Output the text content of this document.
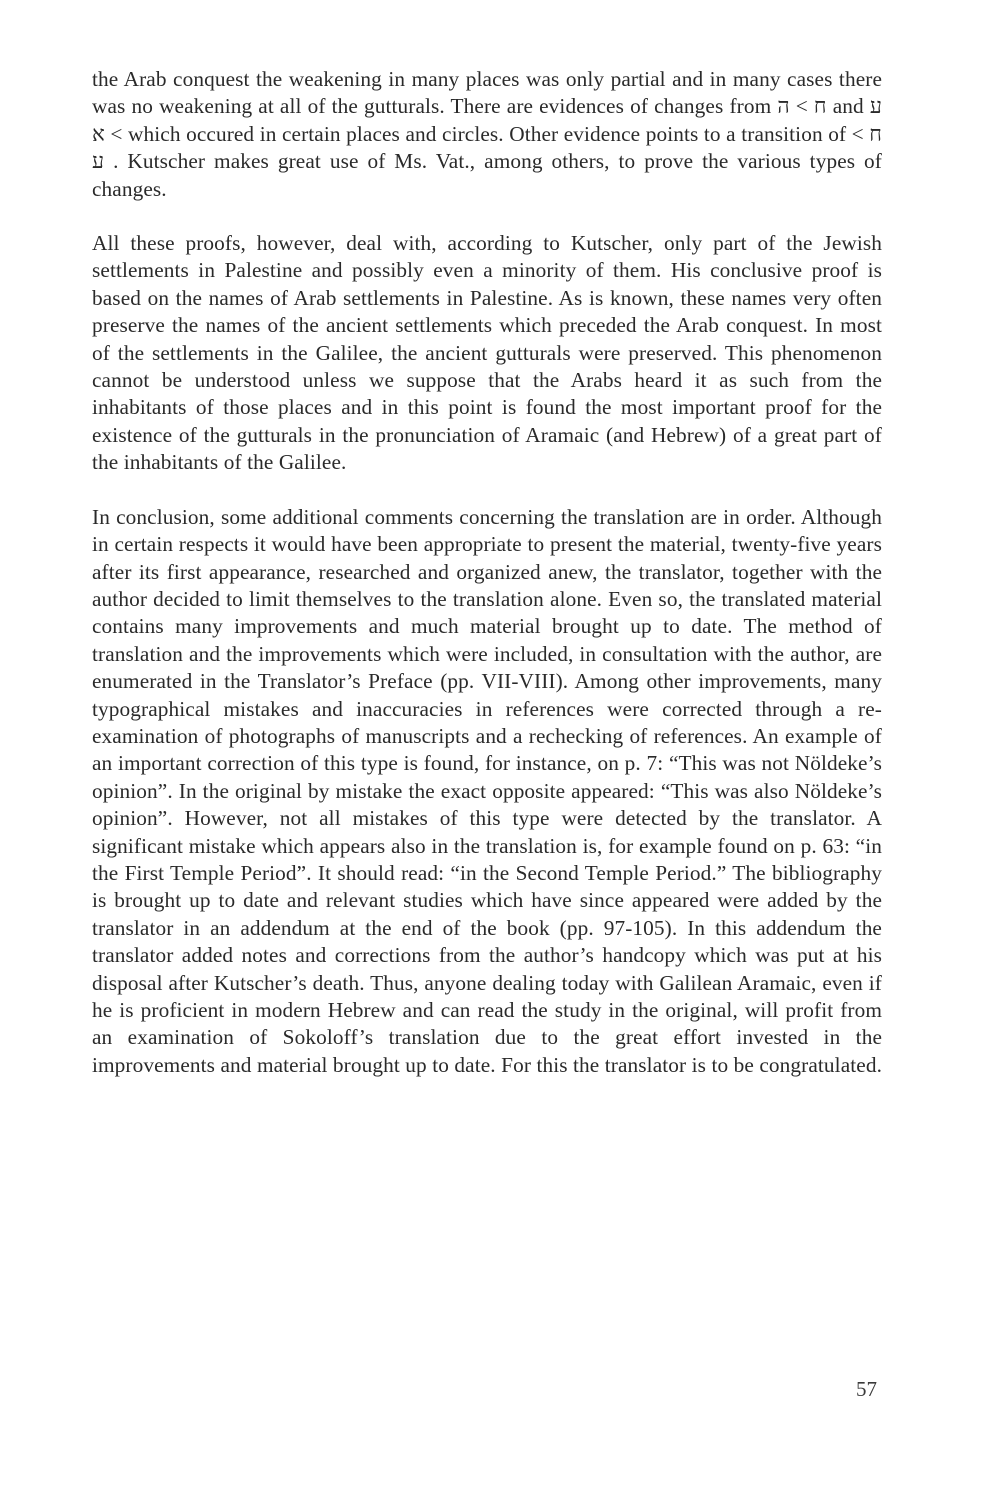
the Arab conquest the weakening in many places was only partial and in many cases there was no weakening at all of the gutturals. There are evidences of changes from ח > ה and ע > א which occured in certain places and circles. Other evidence points to a transition of ח > ע . Kutscher makes great use of Ms. Vat., among others, to prove the various types of changes.

All these proofs, however, deal with, according to Kutscher, only part of the Jewish settlements in Palestine and possibly even a minority of them. His conclusive proof is based on the names of Arab settlements in Palestine. As is known, these names very often preserve the names of the ancient settlements which preceded the Arab conquest. In most of the settlements in the Galilee, the ancient gutturals were preserved. This phenomenon cannot be understood unless we suppose that the Arabs heard it as such from the inhabitants of those places and in this point is found the most important proof for the existence of the gutturals in the pronunciation of Aramaic (and Hebrew) of a great part of the inhabitants of the Galilee.

In conclusion, some additional comments concerning the translation are in order. Although in certain respects it would have been appropriate to present the material, twenty-five years after its first appearance, researched and organized anew, the translator, together with the author decided to limit themselves to the translation alone. Even so, the translated material contains many improvements and much material brought up to date. The method of translation and the improvements which were included, in consultation with the author, are enumerated in the Translator’s Preface (pp. VII-VIII). Among other improvements, many typographical mistakes and inaccuracies in references were corrected through a re-examination of photographs of manuscripts and a rechecking of references. An example of an important correction of this type is found, for instance, on p. 7: “This was not Nöldeke’s opinion”. In the original by mistake the exact opposite appeared: “This was also Nöldeke’s opinion”. However, not all mistakes of this type were detected by the translator. A significant mistake which appears also in the translation is, for example found on p. 63: “in the First Temple Period”. It should read: “in the Second Temple Period.” The bibliography is brought up to date and relevant studies which have since appeared were added by the translator in an addendum at the end of the book (pp. 97-105). In this addendum the translator added notes and corrections from the author’s handcopy which was put at his disposal after Kutscher’s death. Thus, anyone dealing today with Galilean Aramaic, even if he is proficient in modern Hebrew and can read the study in the original, will profit from an examination of Sokoloff’s translation due to the great effort invested in the improvements and material brought up to date. For this the translator is to be congratulated.

57
